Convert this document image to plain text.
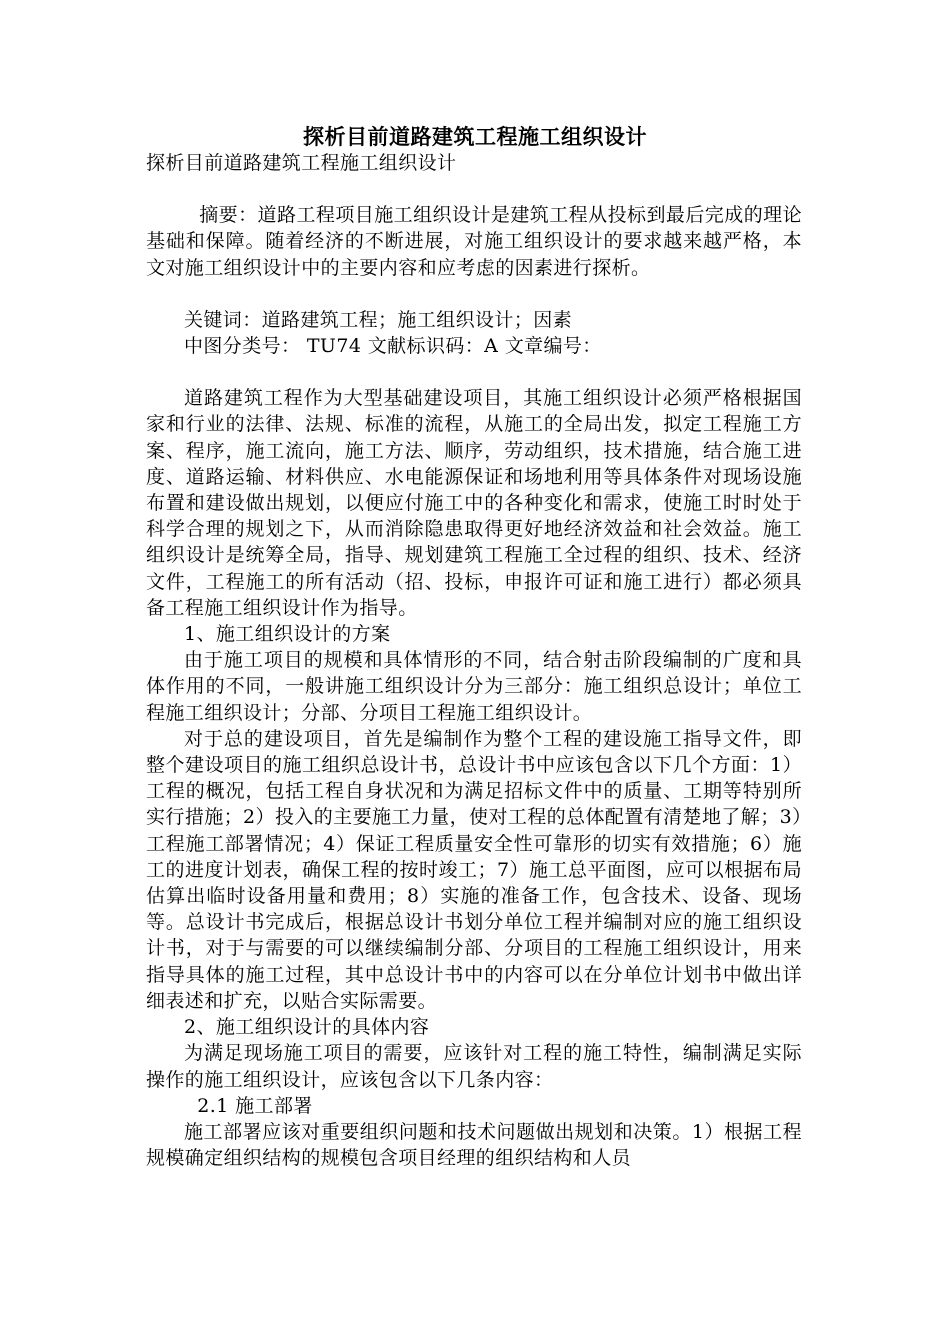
探析目前道路建筑工程施工组织设计

探析目前道路建筑工程施工组织设计

摘要：道路工程项目施工组织设计是建筑工程从投标到最后完成的理论基础和保障。随着经济的不断进展，对施工组织设计的要求越来越严格，本文对施工组织设计中的主要内容和应考虑的因素进行探析。

关键词：道路建筑工程；施工组织设计；因素

中图分类号： TU74 文献标识码：A 文章编号：

道路建筑工程作为大型基础建设项目，其施工组织设计必须严格根据国家和行业的法律、法规、标准的流程，从施工的全局出发，拟定工程施工方案、程序，施工流向，施工方法、顺序，劳动组织，技术措施，结合施工进度、道路运输、材料供应、水电能源保证和场地利用等具体条件对现场设施布置和建设做出规划，以便应付施工中的各种变化和需求，使施工时时处于科学合理的规划之下，从而消除隐患取得更好地经济效益和社会效益。施工组织设计是统筹全局，指导、规划建筑工程施工全过程的组织、技术、经济文件，工程施工的所有活动（招、投标，申报许可证和施工进行）都必须具备工程施工组织设计作为指导。

1、施工组织设计的方案

由于施工项目的规模和具体情形的不同，结合射击阶段编制的广度和具体作用的不同，一般讲施工组织设计分为三部分：施工组织总设计；单位工程施工组织设计；分部、分项目工程施工组织设计。

对于总的建设项目，首先是编制作为整个工程的建设施工指导文件，即整个建设项目的施工组织总设计书，总设计书中应该包含以下几个方面：1）工程的概况，包括工程自身状况和为满足招标文件中的质量、工期等特别所实行措施；2）投入的主要施工力量，使对工程的总体配置有清楚地了解；3）工程施工部署情况；4）保证工程质量安全性可靠形的切实有效措施；6）施工的进度计划表，确保工程的按时竣工；7）施工总平面图，应可以根据布局估算出临时设备用量和费用；8）实施的准备工作，包含技术、设备、现场等。总设计书完成后，根据总设计书划分单位工程并编制对应的施工组织设计书，对于与需要的可以继续编制分部、分项目的工程施工组织设计，用来指导具体的施工过程，其中总设计书中的内容可以在分单位计划书中做出详细表述和扩充，以贴合实际需要。

2、施工组织设计的具体内容

为满足现场施工项目的需要，应该针对工程的施工特性，编制满足实际操作的施工组织设计，应该包含以下几条内容：

2.1 施工部署

施工部署应该对重要组织问题和技术问题做出规划和决策。1）根据工程规模确定组织结构的规模包含项目经理的组织结构和人员
